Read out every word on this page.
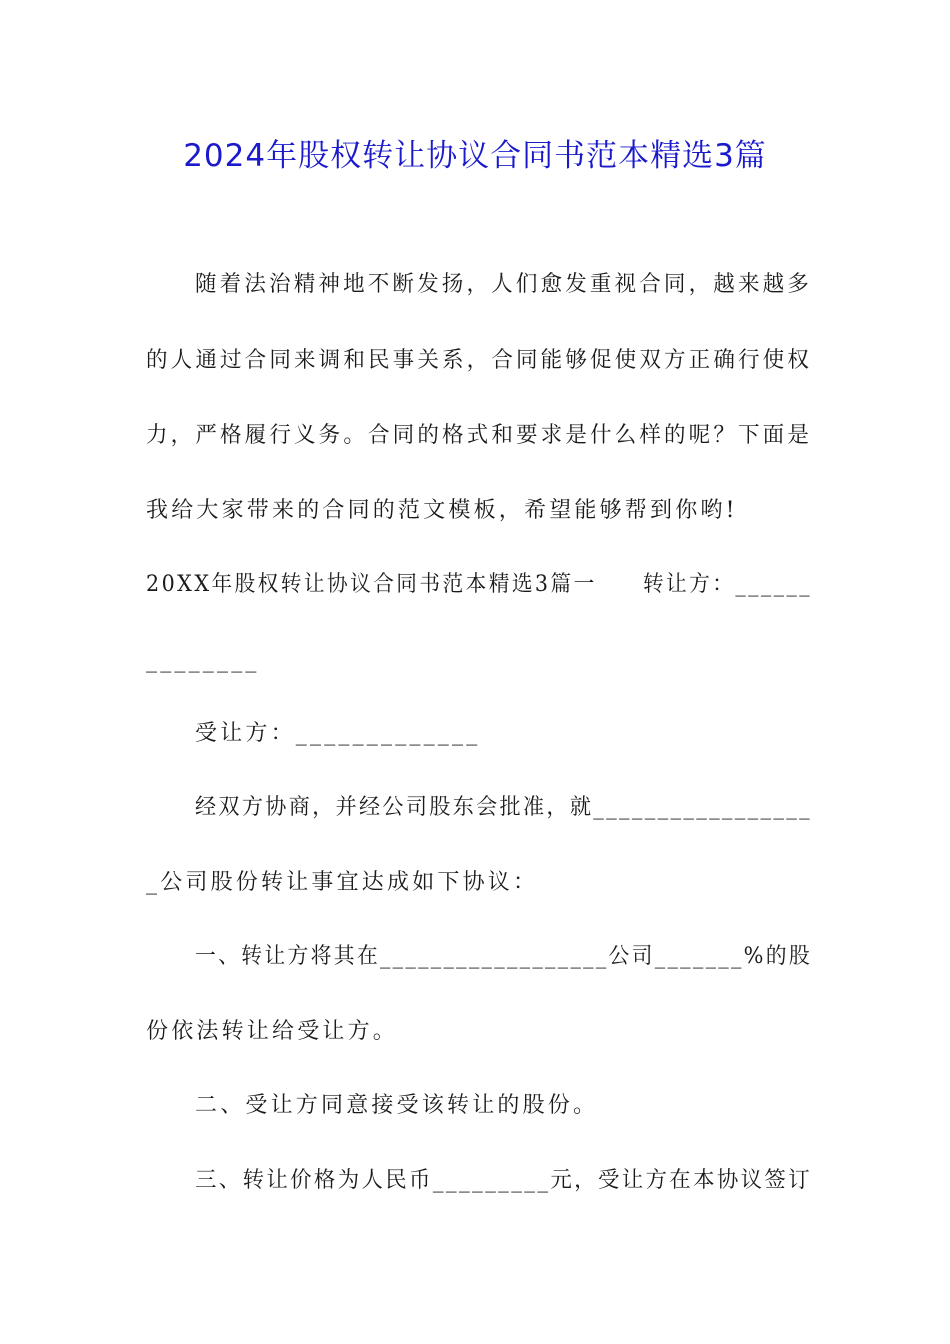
2024年股权转让协议合同书范本精选3篇
随着法治精神地不断发扬，人们愈发重视合同，越来越多
的人通过合同来调和民事关系，合同能够促使双方正确行使权
力，严格履行义务。合同的格式和要求是什么样的呢？下面是
我给大家带来的合同的范文模板，希望能够帮到你哟!
20XX年股权转让协议合同书范本精选3篇一　　转让方：______
________
受让方：_____________
经双方协商，并经公司股东会批准，就_________________
_公司股份转让事宜达成如下协议：
一、转让方将其在__________________公司_______%的股
份依法转让给受让方。
二、受让方同意接受该转让的股份。
三、转让价格为人民币_________元，受让方在本协议签订
